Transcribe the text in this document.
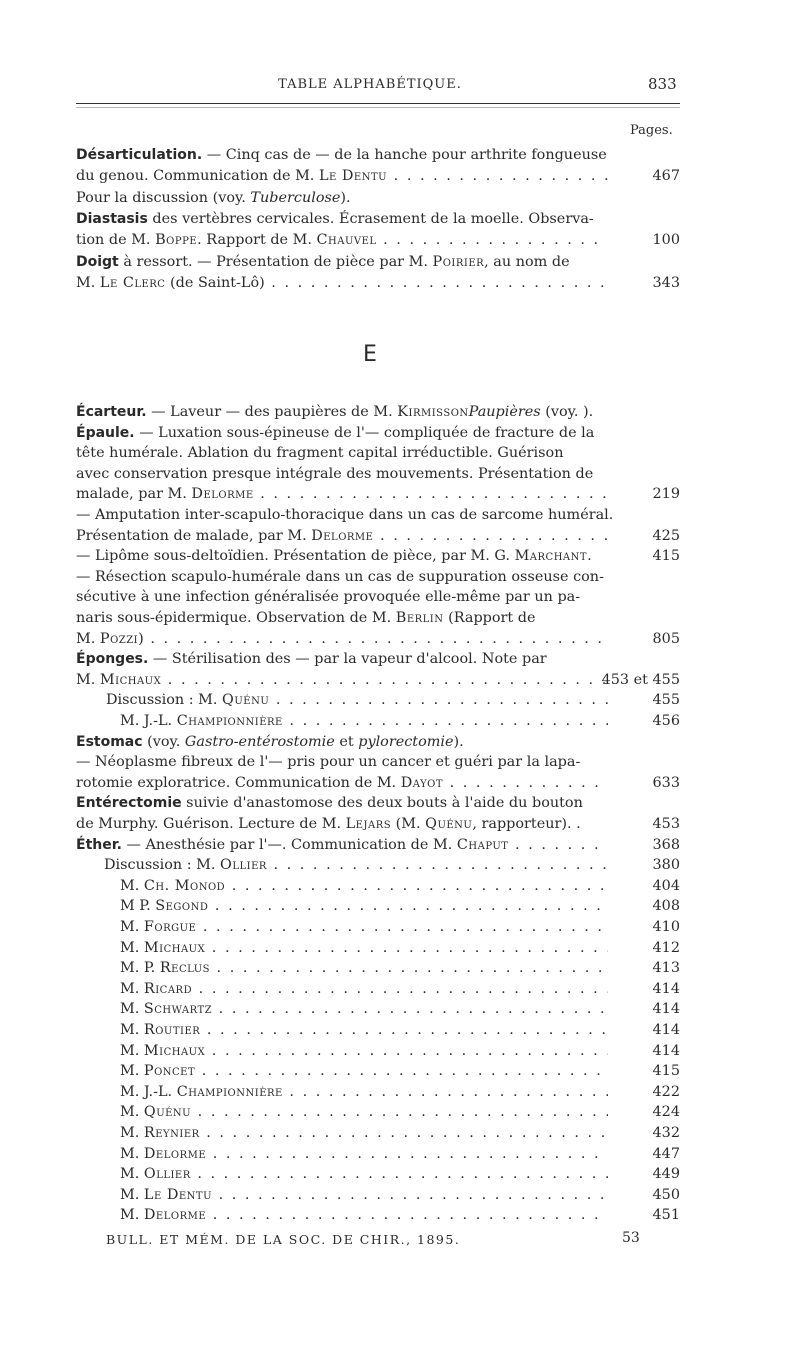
TABLE ALPHABÉTIQUE.	833
Pages.
Désarticulation. — Cinq cas de — de la hanche pour arthrite fongueuse
du genou. Communication de M. Le Dentu . . .	467
Pour la discussion (voy. Tuberculose).
Diastasis des vertèbres cervicales. Écrasement de la moelle. Observa-
tion de M. Boppe. Rapport de M. Chauvel . . .	100
Doigt à ressort. — Présentation de pièce par M. Poirier, au nom de
M. Le Clerc (de Saint-Lô) . . .	343
E
Écarteur. — Laveur — des paupières de M. KirmissonPaupières (voy. ).
Épaule. — Luxation sous-épineuse de l'— compliquée de fracture de la
tête humérale. Ablation du fragment capital irréductible. Guérison
avec conservation presque intégrale des mouvements. Présentation de
malade, par M. Delorme . . .	219
— Amputation inter-scapulo-thoracique dans un cas de sarcome huméral.
Présentation de malade, par M. Delorme . . .	425
— Lipôme sous-deltoïdien. Présentation de pièce, par M. G. Marchant.	415
— Résection scapulo-humérale dans un cas de suppuration osseuse con-
sécutive à une infection généralisée provoquée elle-même par un pa-
naris sous-épidermique. Observation de M. Berlin (Rapport de
M. Pozzi) . . .	805
Éponges. — Stérilisation des — par la vapeur d'alcool. Note par
M. Michaux . . .	453 et 455
Discussion : M. Quénu . . .	455
M. J.-L. Championnière . . .	456
Estomac (voy. Gastro-entérostomie et pylorectomie).
— Néoplasme fibreux de l'— pris pour un cancer et guéri par la lapa-
rotomie exploratrice. Communication de M. Dayot . . .	633
Entérectomie suivie d'anastomose des deux bouts à l'aide du bouton
de Murphy. Guérison. Lecture de M. Lejars (M. Quénu, rapporteur). .	453
Éther. — Anesthésie par l'—. Communication de M. Chaput . . .	368
Discussion : M. Ollier . . .	380
M. Ch. Monod . . .	404
M P. Segond . . .	408
M. Forgue . . .	410
M. Michaux . . .	412
M. P. Reclus . . .	413
M. Ricard . . .	414
M. Schwartz . . .	414
M. Routier . . .	414
M. Michaux . . .	414
M. Poncet . . .	415
M. J.-L. Championnière . . .	422
M. Quénu . . .	424
M. Reynier . . .	432
M. Delorme . . .	447
M. Ollier . . .	449
M. Le Dentu . . .	450
M. Delorme . . .	451
BULL. ET MÉM. DE LA SOC. DE CHIR., 1895.	53
